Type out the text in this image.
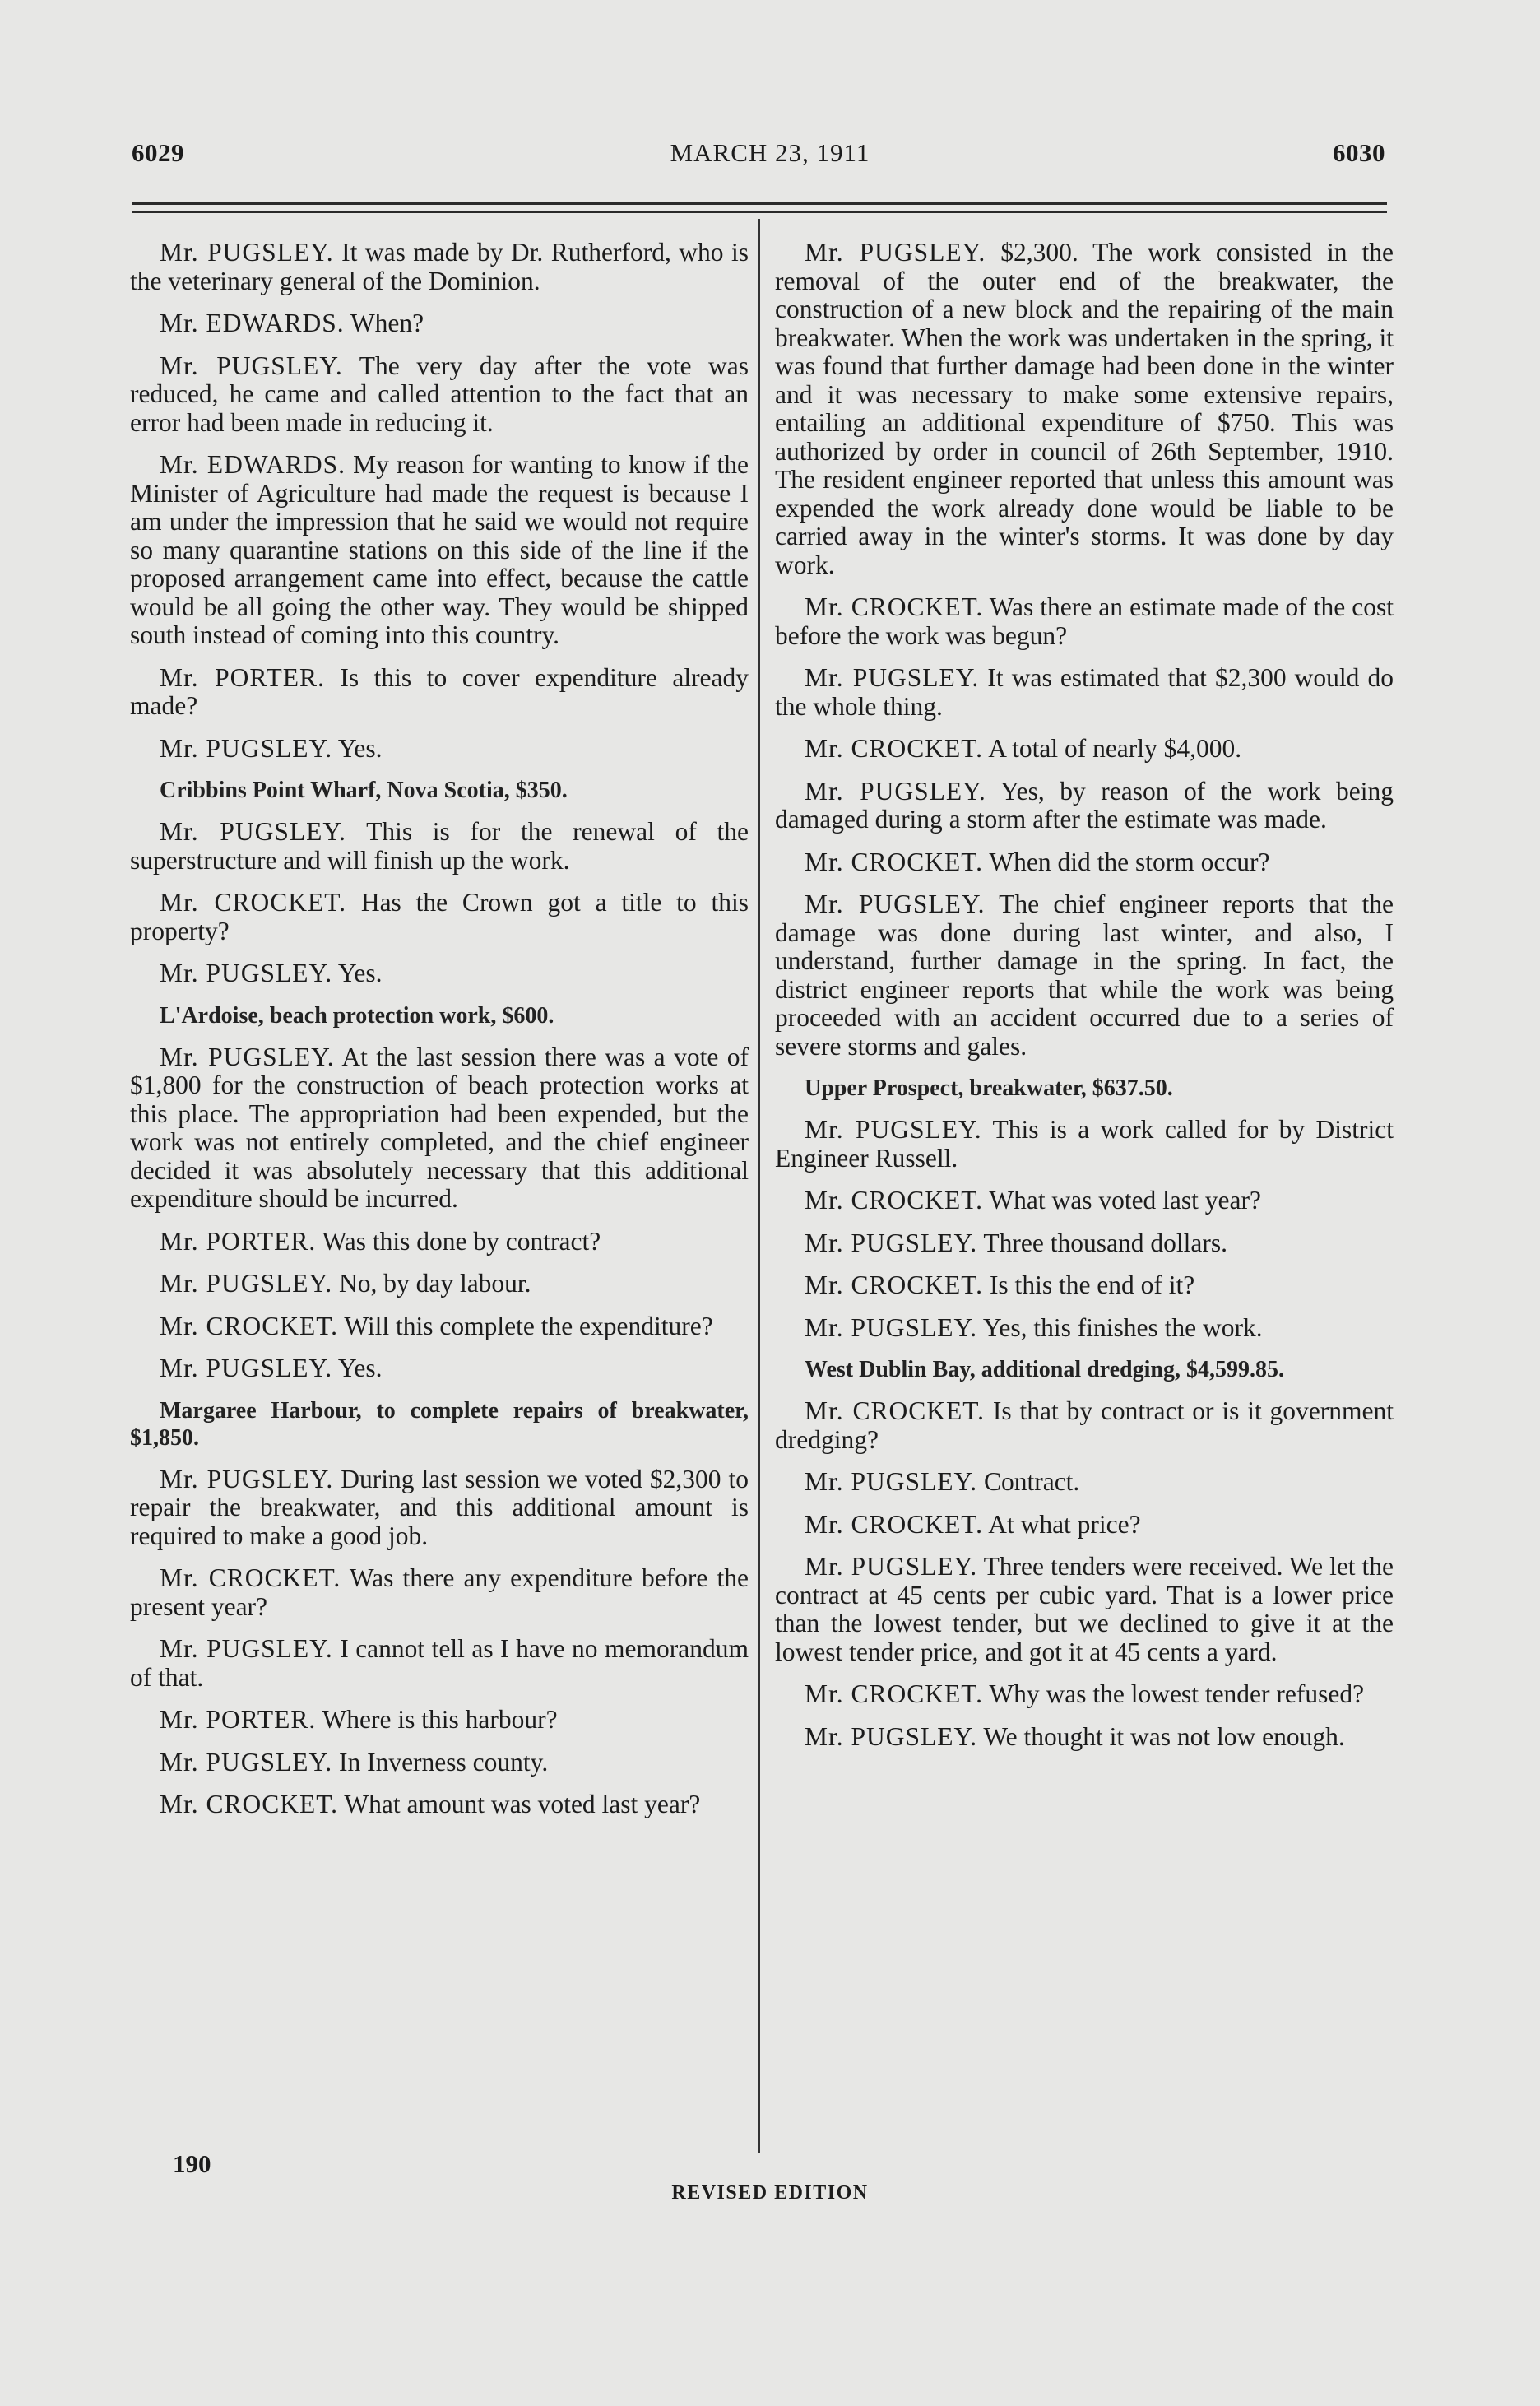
6029	MARCH 23, 1911	6030

Mr. PUGSLEY. It was made by Dr. Rutherford, who is the veterinary general of the Dominion.

Mr. EDWARDS. When?

Mr. PUGSLEY. The very day after the vote was reduced, he came and called attention to the fact that an error had been made in reducing it.

Mr. EDWARDS. My reason for wanting to know if the Minister of Agriculture had made the request is because I am under the impression that he said we would not require so many quarantine stations on this side of the line if the proposed arrangement came into effect, because the cattle would be all going the other way. They would be shipped south instead of coming into this country.

Mr. PORTER. Is this to cover expenditure already made?

Mr. PUGSLEY. Yes.

Cribbins Point Wharf, Nova Scotia, $350.

Mr. PUGSLEY. This is for the renewal of the superstructure and will finish up the work.

Mr. CROCKET. Has the Crown got a title to this property?

Mr. PUGSLEY. Yes.

L'Ardoise, beach protection work, $600.

Mr. PUGSLEY. At the last session there was a vote of $1,800 for the construction of beach protection works at this place. The appropriation had been expended, but the work was not entirely completed, and the chief engineer decided it was absolutely necessary that this additional expenditure should be incurred.

Mr. PORTER. Was this done by contract?

Mr. PUGSLEY. No, by day labour.

Mr. CROCKET. Will this complete the expenditure?

Mr. PUGSLEY. Yes.

Margaree Harbour, to complete repairs of breakwater, $1,850.

Mr. PUGSLEY. During last session we voted $2,300 to repair the breakwater, and this additional amount is required to make a good job.

Mr. CROCKET. Was there any expenditure before the present year?

Mr. PUGSLEY. I cannot tell as I have no memorandum of that.

Mr. PORTER. Where is this harbour?

Mr. PUGSLEY. In Inverness county.

Mr. CROCKET. What amount was voted last year?

Mr. PUGSLEY. $2,300. The work consisted in the removal of the outer end of the breakwater, the construction of a new block and the repairing of the main breakwater. When the work was undertaken in the spring, it was found that further damage had been done in the winter and it was necessary to make some extensive repairs, entailing an additional expenditure of $750. This was authorized by order in council of 26th September, 1910. The resident engineer reported that unless this amount was expended the work already done would be liable to be carried away in the winter's storms. It was done by day work.

Mr. CROCKET. Was there an estimate made of the cost before the work was begun?

Mr. PUGSLEY. It was estimated that $2,300 would do the whole thing.

Mr. CROCKET. A total of nearly $4,000.

Mr. PUGSLEY. Yes, by reason of the work being damaged during a storm after the estimate was made.

Mr. CROCKET. When did the storm occur?

Mr. PUGSLEY. The chief engineer reports that the damage was done during last winter, and also, I understand, further damage in the spring. In fact, the district engineer reports that while the work was being proceeded with an accident occurred due to a series of severe storms and gales.

Upper Prospect, breakwater, $637.50.

Mr. PUGSLEY. This is a work called for by District Engineer Russell.

Mr. CROCKET. What was voted last year?

Mr. PUGSLEY. Three thousand dollars.

Mr. CROCKET. Is this the end of it?

Mr. PUGSLEY. Yes, this finishes the work.

West Dublin Bay, additional dredging, $4,599.85.

Mr. CROCKET. Is that by contract or is it government dredging?

Mr. PUGSLEY. Contract.

Mr. CROCKET. At what price?

Mr. PUGSLEY. Three tenders were received. We let the contract at 45 cents per cubic yard. That is a lower price than the lowest tender, but we declined to give it at the lowest tender price, and got it at 45 cents a yard.

Mr. CROCKET. Why was the lowest tender refused?

Mr. PUGSLEY. We thought it was not low enough.

190
REVISED EDITION
